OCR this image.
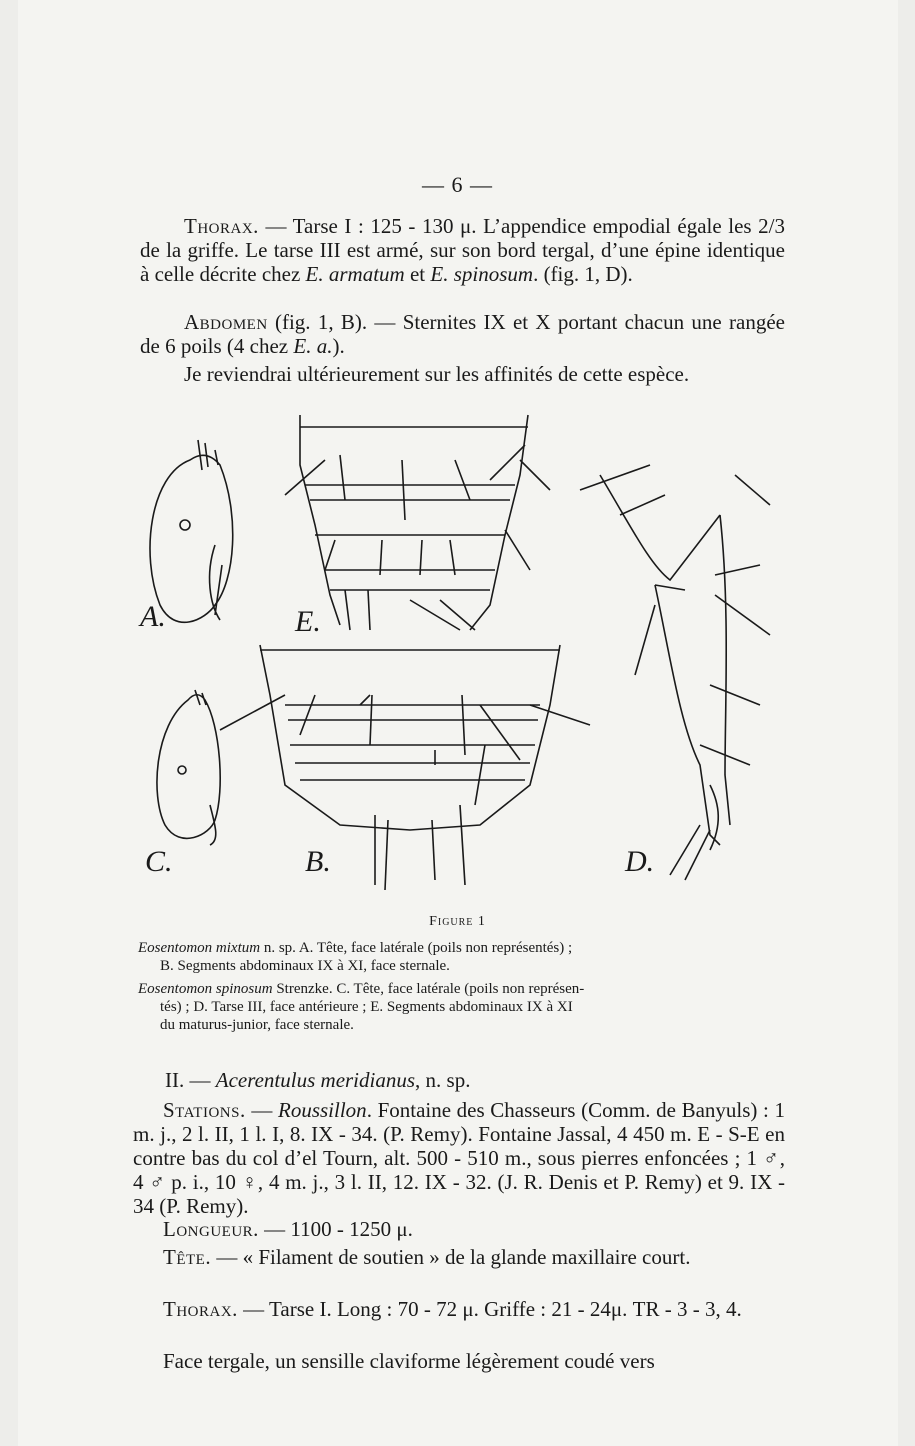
— 6 —
Thorax. — Tarse I : 125 - 130 μ. L’appendice empodial égale les 2/3 de la griffe. Le tarse III est armé, sur son bord tergal, d’une épine identique à celle décrite chez E. armatum et E. spinosum. (fig. 1, D).
Abdomen (fig. 1, B). — Sternites IX et X portant chacun une rangée de 6 poils (4 chez E. a.).
Je reviendrai ultérieurement sur les affinités de cette espèce.
A.	E.
C.	B.	D.
Figure 1
Eosentomon mixtum n. sp. A. Tête, face latérale (poils non représentés) ;
B. Segments abdominaux IX à XI, face sternale.
Eosentomon spinosum Strenzke. C. Tête, face latérale (poils non représen-
tés) ; D. Tarse III, face antérieure ; E. Segments abdominaux IX à XI
du maturus-junior, face sternale.
II. — Acerentulus meridianus, n. sp.
Stations. — Roussillon. Fontaine des Chasseurs (Comm. de Banyuls) : 1 m. j., 2 l. II, 1 l. I, 8. IX - 34. (P. Remy). Fontaine Jassal, 4 450 m. E - S-E en contre bas du col d’el Tourn, alt. 500 - 510 m., sous pierres enfoncées ; 1 ♂, 4 ♂ p. i., 10 ♀, 4 m. j., 3 l. II, 12. IX - 32. (J. R. Denis et P. Remy) et 9. IX - 34 (P. Remy).
Longueur. — 1100 - 1250 μ.
Tête. — « Filament de soutien » de la glande maxillaire court.
Thorax. — Tarse I. Long : 70 - 72 μ. Griffe : 21 - 24μ. TR - 3 - 3, 4.
Face tergale, un sensille claviforme légèrement coudé vers
